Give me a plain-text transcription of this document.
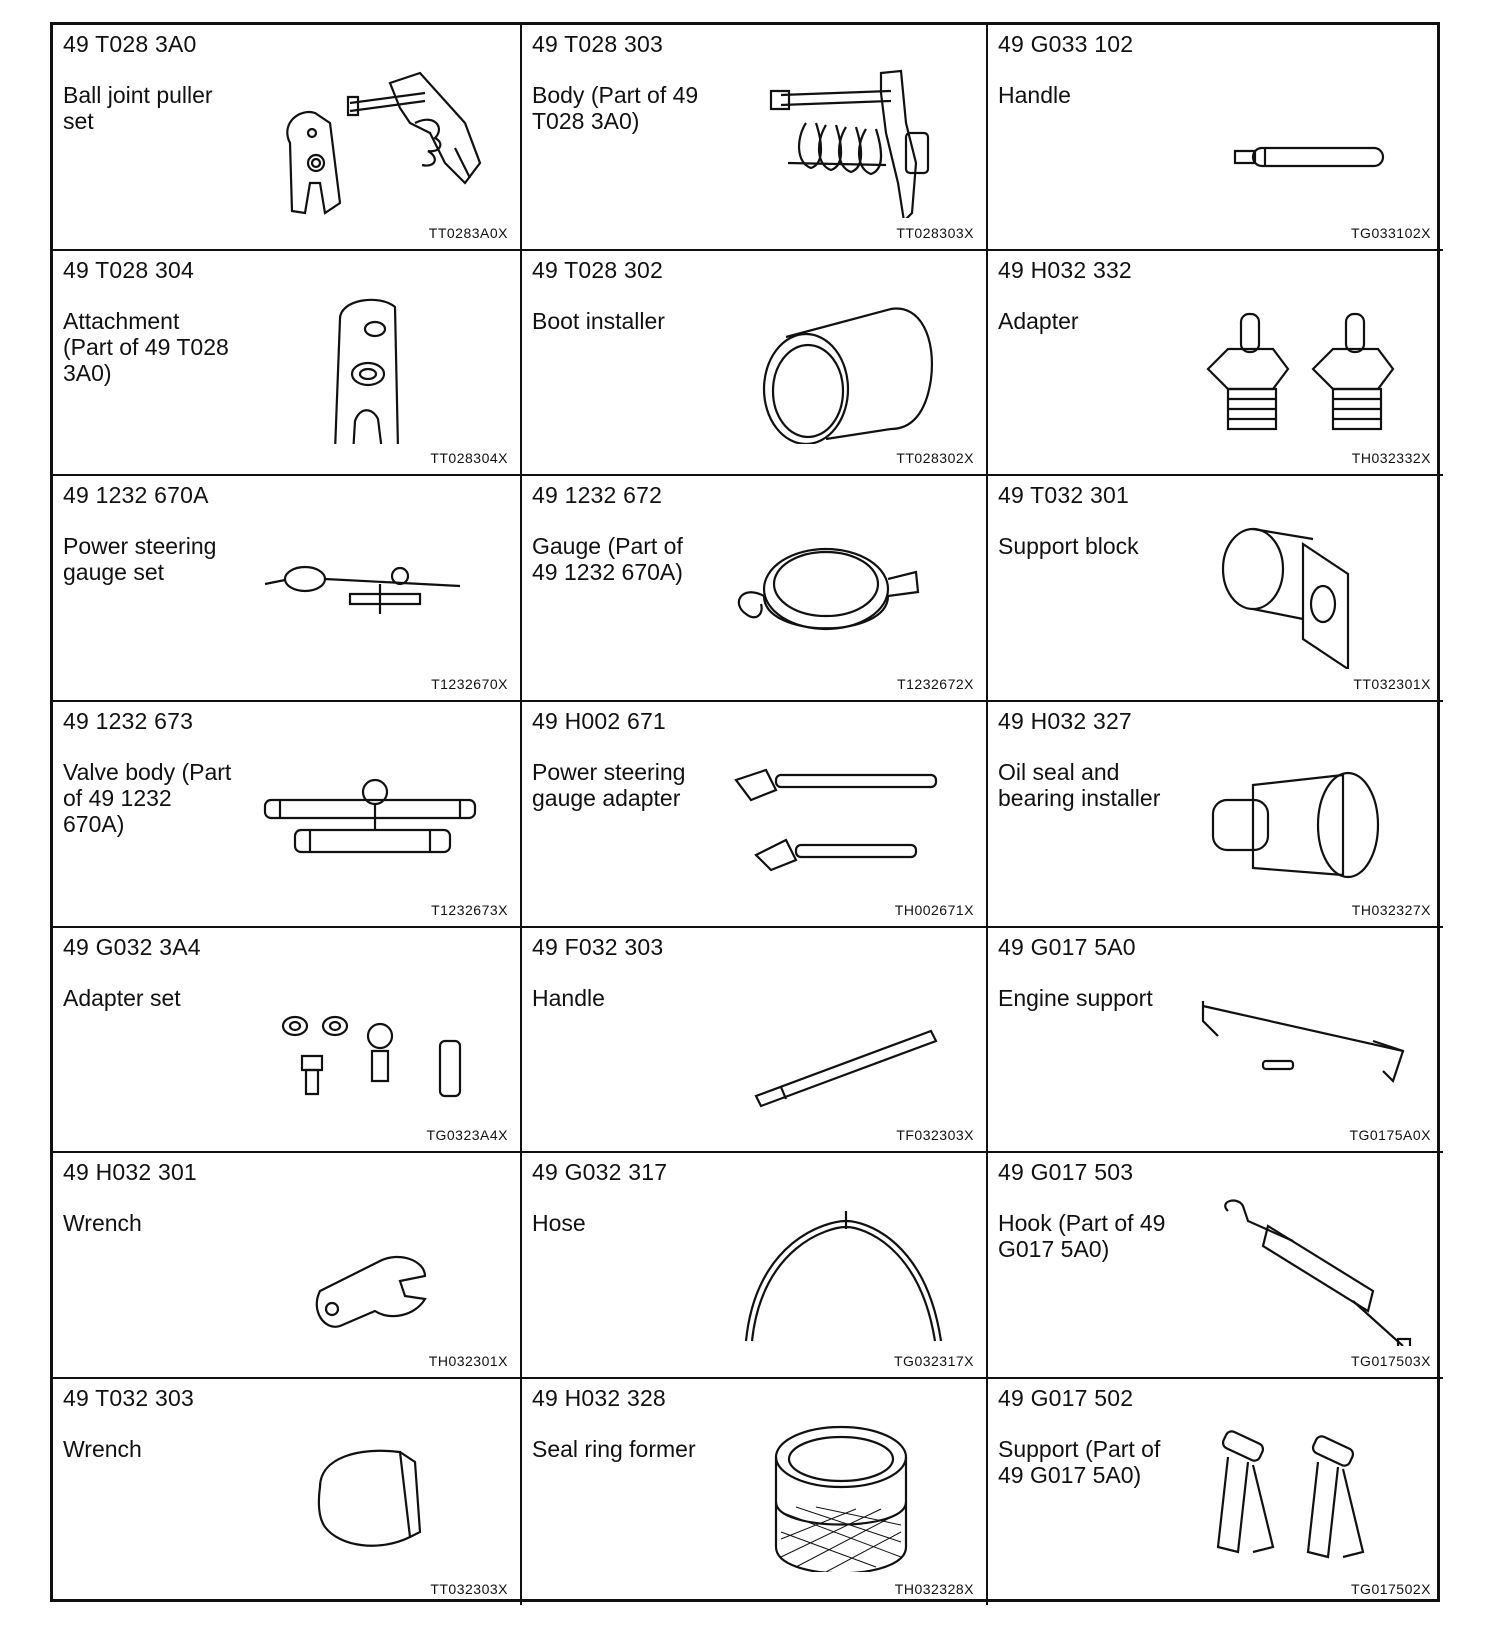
49 T028 3A0
Ball joint puller set
TT0283A0X
49 T028 303
Body (Part of 49 T028 3A0)
TT028303X
49 G033 102
Handle
TG033102X
49 T028 304
Attachment (Part of 49 T028 3A0)
TT028304X
49 T028 302
Boot installer
TT028302X
49 H032 332
Adapter
TH032332X
49 1232 670A
Power steering gauge set
T1232670X
49 1232 672
Gauge (Part of 49 1232 670A)
T1232672X
49 T032 301
Support block
TT032301X
49 1232 673
Valve body (Part of 49 1232 670A)
T1232673X
49 H002 671
Power steering gauge adapter
TH002671X
49 H032 327
Oil seal and bearing installer
TH032327X
49 G032 3A4
Adapter set
TG0323A4X
49 F032 303
Handle
TF032303X
49 G017 5A0
Engine support
TG0175A0X
49 H032 301
Wrench
TH032301X
49 G032 317
Hose
TG032317X
49 G017 503
Hook (Part of 49 G017 5A0)
TG017503X
49 T032 303
Wrench
TT032303X
49 H032 328
Seal ring former
TH032328X
49 G017 502
Support (Part of 49 G017 5A0)
TG017502X
